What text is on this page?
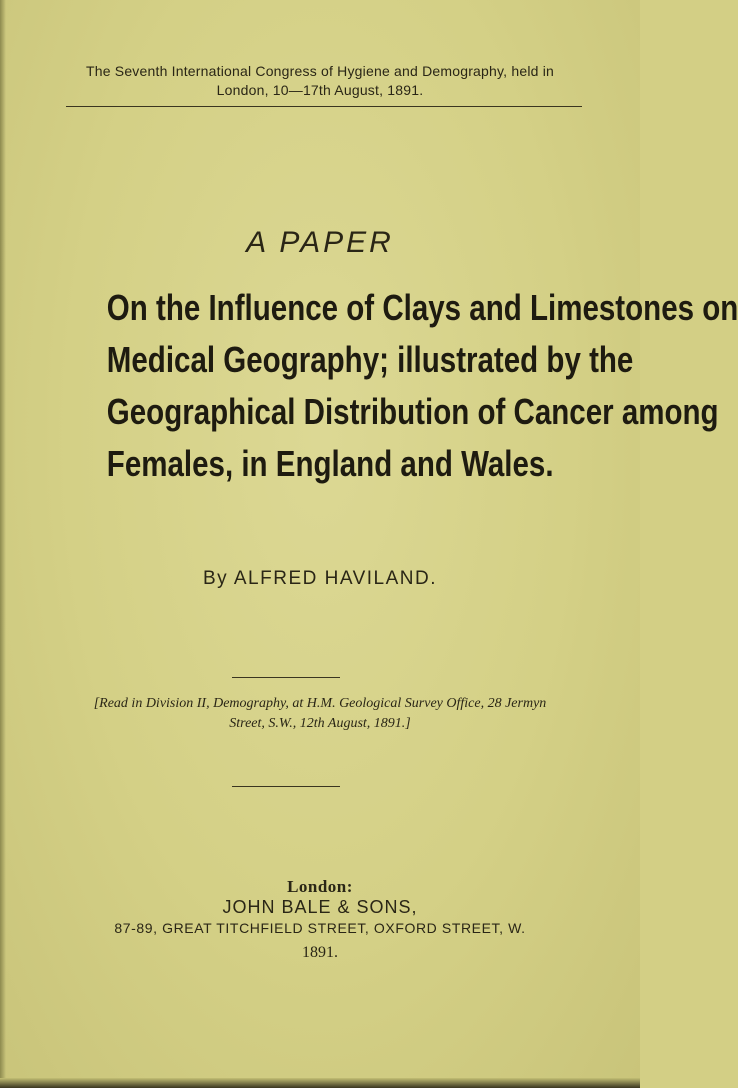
The Seventh International Congress of Hygiene and Demography, held in
London, 10—17th August, 1891.
A PAPER
On the Influence of Clays and Limestones on
Medical Geography; illustrated by the
Geographical Distribution of Cancer among
Females, in England and Wales.
By ALFRED HAVILAND.
[Read in Division II, Demography, at H.M. Geological Survey Office, 28 Jermyn
Street, S.W., 12th August, 1891.]
London:
JOHN BALE & SONS,
87-89, GREAT TITCHFIELD STREET, OXFORD STREET, W.
1891.
